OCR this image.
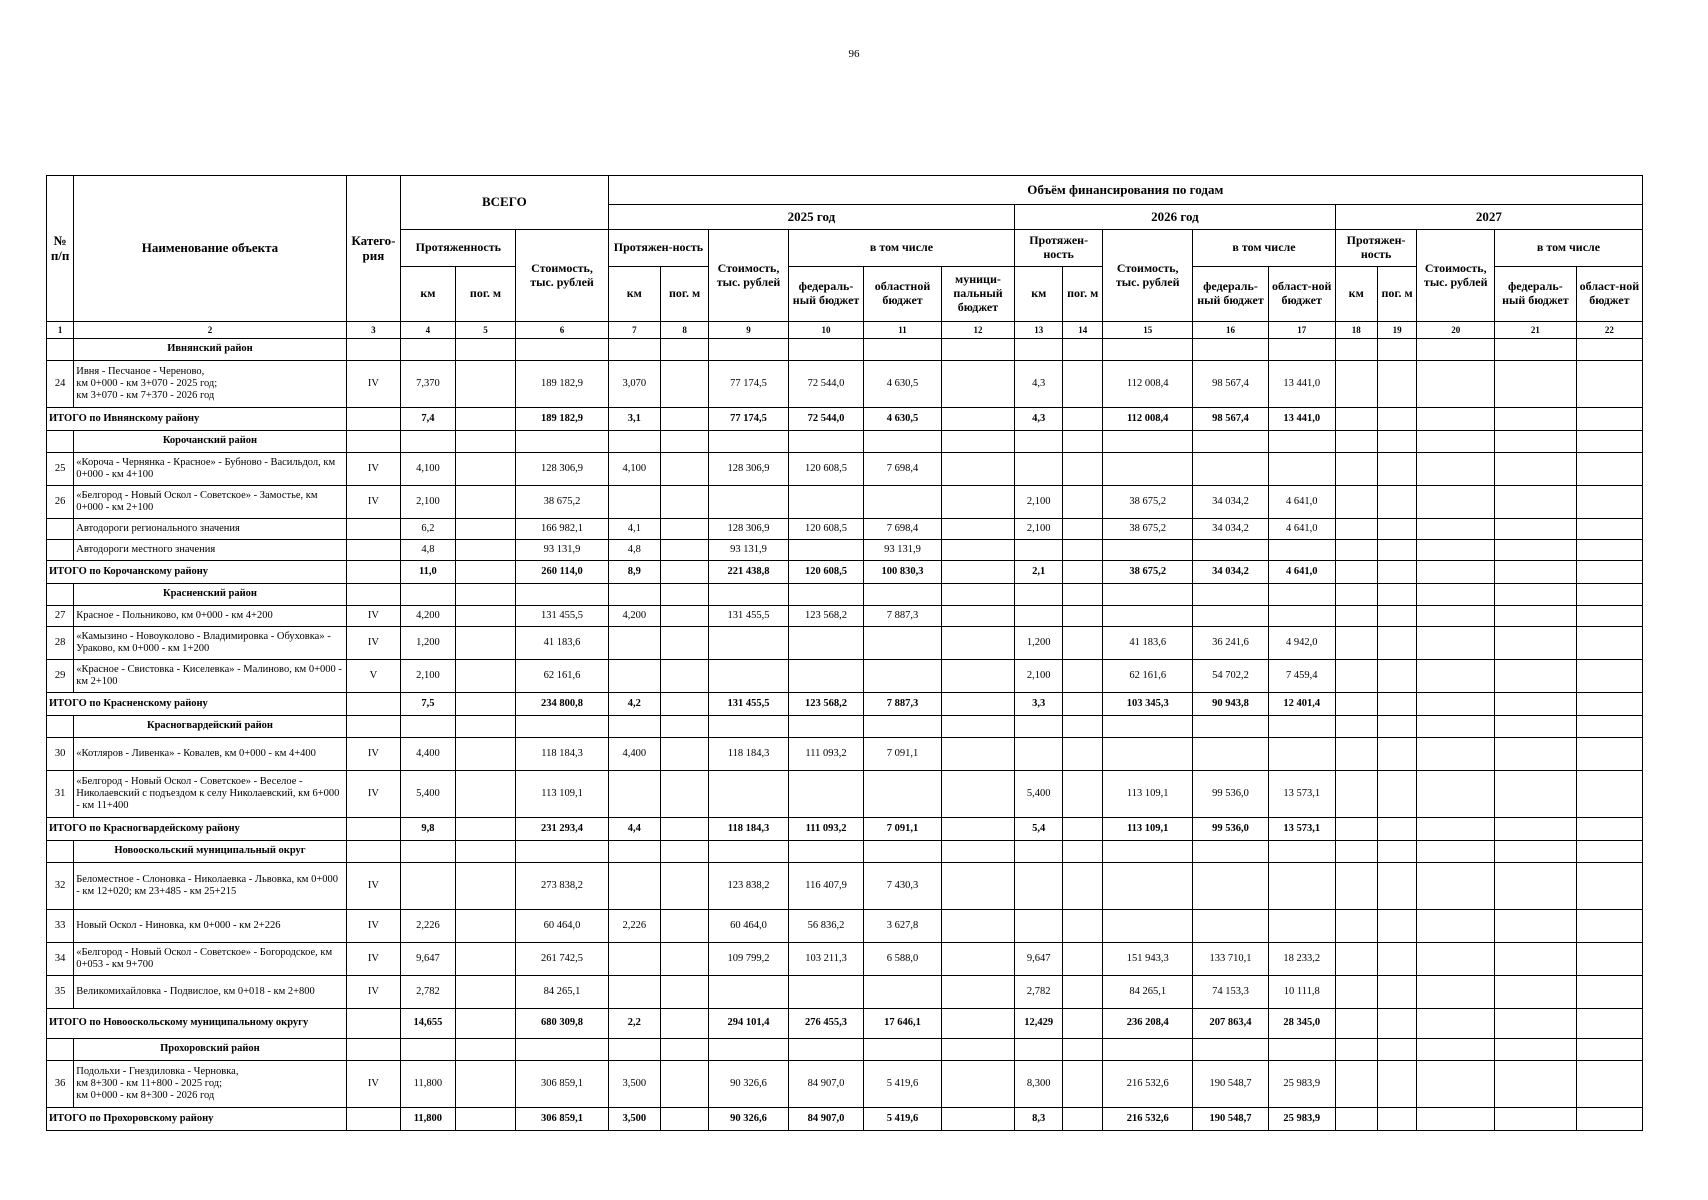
96
№ п/п	Наименование объекта	Катего-рия	ВСЕГО			Объём финансирования по годам															
						2025 год						2026 год					2027				
			Протяженность		Стоимость, тыс. рублей	Протяжен-ность		Стоимость, тыс. рублей	в том числе			Протяжен-ность		Стоимость, тыс. рублей	в том числе		Протяжен-ность		Стоимость, тыс. рублей	в том числе	
			км	пог. м		км	пог. м		федераль-ный бюджет	областной бюджет	муници-пальный бюджет	км	пог. м		федераль-ный бюджет	област-ной бюджет	км	пог. м		федераль-ный бюджет	област-ной бюджет
1	2	3	4	5	6	7	8	9	10	11	12	13	14	15	16	17	18	19	20	21	22
	Ивнянский район																				
24	Ивня - Песчаное - Череново,
км 0+000 - км 3+070 - 2025 год;
км 3+070 - км 7+370 - 2026 год	IV	7,370		189 182,9	3,070		77 174,5	72 544,0	4 630,5		4,3		112 008,4	98 567,4	13 441,0					
ИТОГО по Ивнянскому району			7,4		189 182,9	3,1		77 174,5	72 544,0	4 630,5		4,3		112 008,4	98 567,4	13 441,0					
	Корочанский район																				
25	«Короча - Чернянка - Красное» - Бубново - Васильдол, км 0+000 - км 4+100	IV	4,100		128 306,9	4,100		128 306,9	120 608,5	7 698,4											
26	«Белгород - Новый Оскол - Советское» - Замостье, км 0+000 - км 2+100	IV	2,100		38 675,2							2,100		38 675,2	34 034,2	4 641,0					
	Автодороги регионального значения		6,2		166 982,1	4,1		128 306,9	120 608,5	7 698,4		2,100		38 675,2	34 034,2	4 641,0					
	Автодороги местного значения		4,8		93 131,9	4,8		93 131,9		93 131,9											
ИТОГО по Корочанскому району			11,0		260 114,0	8,9		221 438,8	120 608,5	100 830,3		2,1		38 675,2	34 034,2	4 641,0					
	Красненский район																				
27	Красное - Польниково, км 0+000 - км 4+200	IV	4,200		131 455,5	4,200		131 455,5	123 568,2	7 887,3											
28	«Камызино - Новоуколово - Владимировка - Обуховка» - Ураково, км 0+000 - км 1+200	IV	1,200		41 183,6							1,200		41 183,6	36 241,6	4 942,0					
29	«Красное - Свистовка - Киселевка» - Малиново, км 0+000 - км 2+100	V	2,100		62 161,6							2,100		62 161,6	54 702,2	7 459,4					
ИТОГО по Красненскому району			7,5		234 800,8	4,2		131 455,5	123 568,2	7 887,3		3,3		103 345,3	90 943,8	12 401,4					
	Красногвардейский район																				
30	«Котляров - Ливенка» - Ковалев, км 0+000 - км 4+400	IV	4,400		118 184,3	4,400		118 184,3	111 093,2	7 091,1											
31	«Белгород - Новый Оскол - Советское» - Веселое - Николаевский с подъездом к селу Николаевский, км 6+000 - км 11+400	IV	5,400		113 109,1							5,400		113 109,1	99 536,0	13 573,1					
ИТОГО по Красногвардейскому району			9,8		231 293,4	4,4		118 184,3	111 093,2	7 091,1		5,4		113 109,1	99 536,0	13 573,1					
	Новооскольский муниципальный округ																				
32	Беломестное - Слоновка - Николаевка - Львовка, км 0+000 - км 12+020; км 23+485 - км 25+215	IV			273 838,2			123 838,2	116 407,9	7 430,3											
33	Новый Оскол - Ниновка, км 0+000 - км 2+226	IV	2,226		60 464,0	2,226		60 464,0	56 836,2	3 627,8											
34	«Белгород - Новый Оскол - Советское» - Богородское, км 0+053 - км 9+700	IV	9,647		261 742,5			109 799,2	103 211,3	6 588,0		9,647		151 943,3	133 710,1	18 233,2					
35	Великомихайловка - Подвислое, км 0+018 - км 2+800	IV	2,782		84 265,1							2,782		84 265,1	74 153,3	10 111,8					
ИТОГО по Новооскольскому муниципальному округу			14,655		680 309,8	2,2		294 101,4	276 455,3	17 646,1		12,429		236 208,4	207 863,4	28 345,0					
	Прохоровский район																				
36	Подольхи - Гнездиловка - Черновка,
км 8+300 - км 11+800 - 2025 год;
км 0+000 - км 8+300 - 2026 год	IV	11,800		306 859,1	3,500		90 326,6	84 907,0	5 419,6		8,300		216 532,6	190 548,7	25 983,9					
ИТОГО по Прохоровскому району			11,800		306 859,1	3,500		90 326,6	84 907,0	5 419,6		8,3		216 532,6	190 548,7	25 983,9					
